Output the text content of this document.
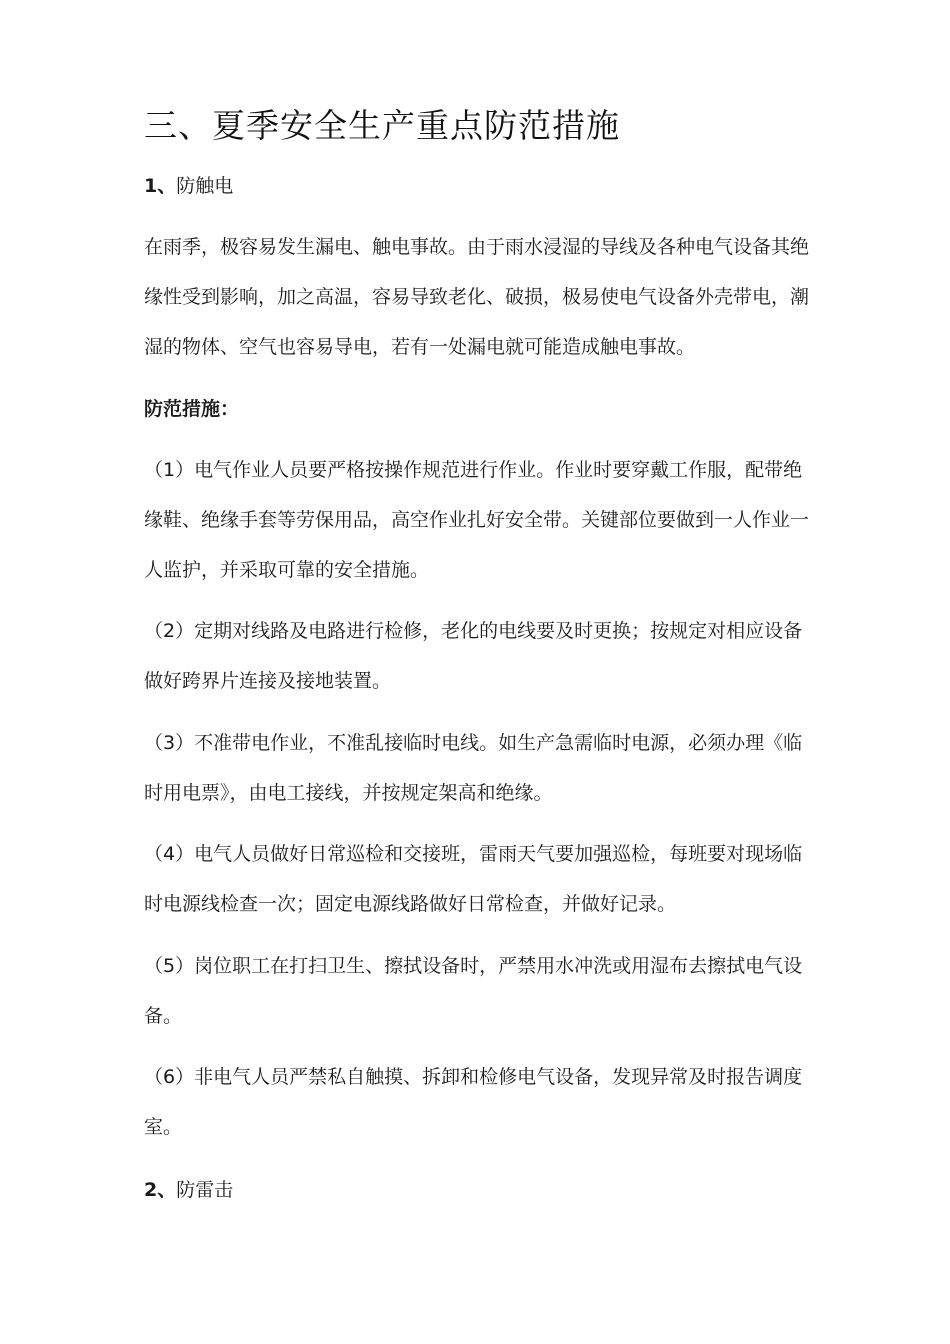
三、夏季安全生产重点防范措施
1、防触电
在雨季，极容易发生漏电、触电事故。由于雨水浸湿的导线及各种电气设备其绝
缘性受到影响，加之高温，容易导致老化、破损，极易使电气设备外壳带电，潮
湿的物体、空气也容易导电，若有一处漏电就可能造成触电事故。
防范措施：
（1）电气作业人员要严格按操作规范进行作业。作业时要穿戴工作服，配带绝
缘鞋、绝缘手套等劳保用品，高空作业扎好安全带。关键部位要做到一人作业一
人监护，并采取可靠的安全措施。
（2）定期对线路及电路进行检修，老化的电线要及时更换；按规定对相应设备
做好跨界片连接及接地装置。
（3）不准带电作业，不准乱接临时电线。如生产急需临时电源，必须办理《临
时用电票》，由电工接线，并按规定架高和绝缘。
（4）电气人员做好日常巡检和交接班，雷雨天气要加强巡检，每班要对现场临
时电源线检查一次；固定电源线路做好日常检查，并做好记录。
（5）岗位职工在打扫卫生、擦拭设备时，严禁用水冲洗或用湿布去擦拭电气设
备。
（6）非电气人员严禁私自触摸、拆卸和检修电气设备，发现异常及时报告调度
室。
2、防雷击
